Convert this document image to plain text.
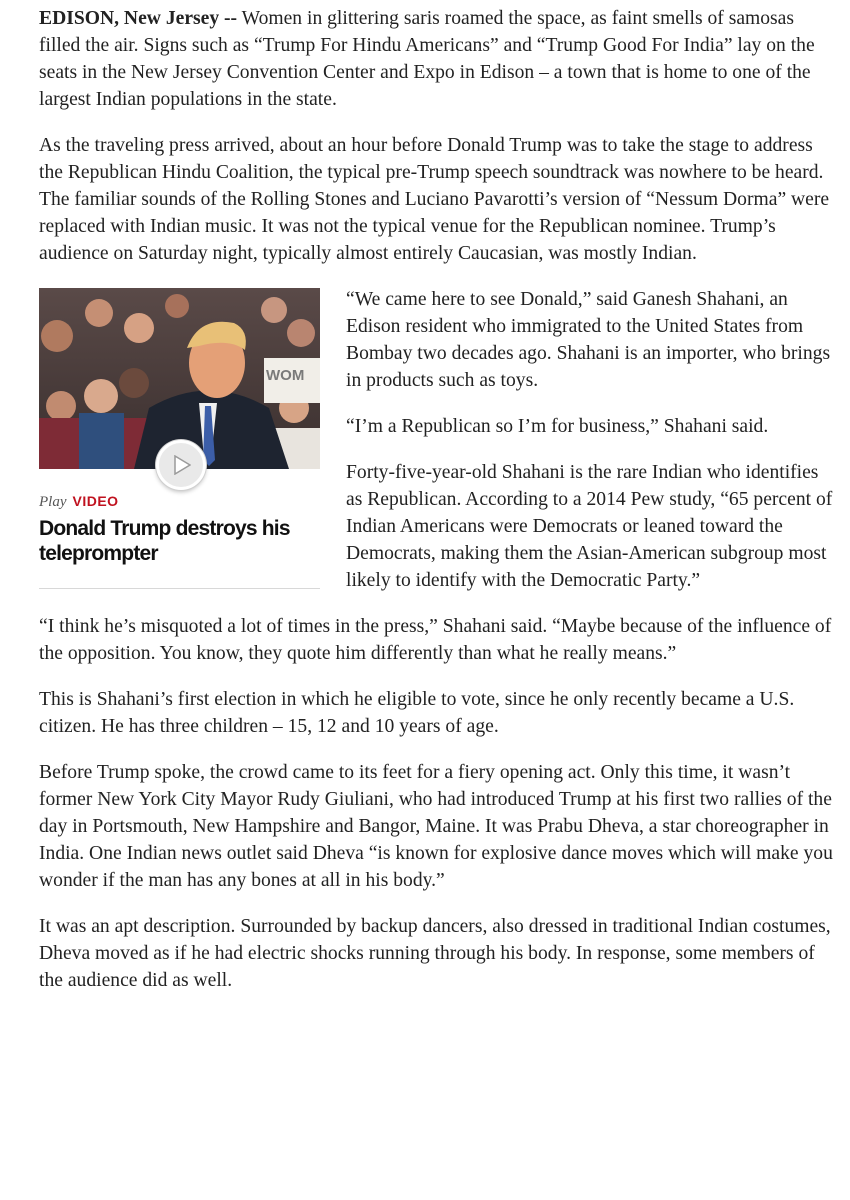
EDISON, New Jersey -- Women in glittering saris roamed the space, as faint smells of samosas filled the air. Signs such as “Trump For Hindu Americans” and “Trump Good For India” lay on the seats in the New Jersey Convention Center and Expo in Edison – a town that is home to one of the largest Indian populations in the state.

As the traveling press arrived, about an hour before Donald Trump was to take the stage to address the Republican Hindu Coalition, the typical pre-Trump speech soundtrack was nowhere to be heard. The familiar sounds of the Rolling Stones and Luciano Pavarotti’s version of “Nessum Dorma” were replaced with Indian music. It was not the typical venue for the Republican nominee. Trump’s audience on Saturday night, typically almost entirely Caucasian, was mostly Indian.

WOM
Play VIDEO
Donald Trump destroys his teleprompter

“We came here to see Donald,” said Ganesh Shahani, an Edison resident who immigrated to the United States from Bombay two decades ago. Shahani is an importer, who brings in products such as toys.

“I’m a Republican so I’m for business,” Shahani said.

Forty-five-year-old Shahani is the rare Indian who identifies as Republican. According to a 2014 Pew study, “65 percent of Indian Americans were Democrats or leaned toward the Democrats, making them the Asian-American subgroup most likely to identify with the Democratic Party.”

“I think he’s misquoted a lot of times in the press,” Shahani said. “Maybe because of the influence of the opposition. You know, they quote him differently than what he really means.”

This is Shahani’s first election in which he eligible to vote, since he only recently became a U.S. citizen. He has three children – 15, 12 and 10 years of age.

Before Trump spoke, the crowd came to its feet for a fiery opening act. Only this time, it wasn’t former New York City Mayor Rudy Giuliani, who had introduced Trump at his first two rallies of the day in Portsmouth, New Hampshire and Bangor, Maine. It was Prabu Dheva, a star choreographer in India. One Indian news outlet said Dheva “is known for explosive dance moves which will make you wonder if the man has any bones at all in his body.”

It was an apt description. Surrounded by backup dancers, also dressed in traditional Indian costumes, Dheva moved as if he had electric shocks running through his body. In response, some members of the audience did as well.
